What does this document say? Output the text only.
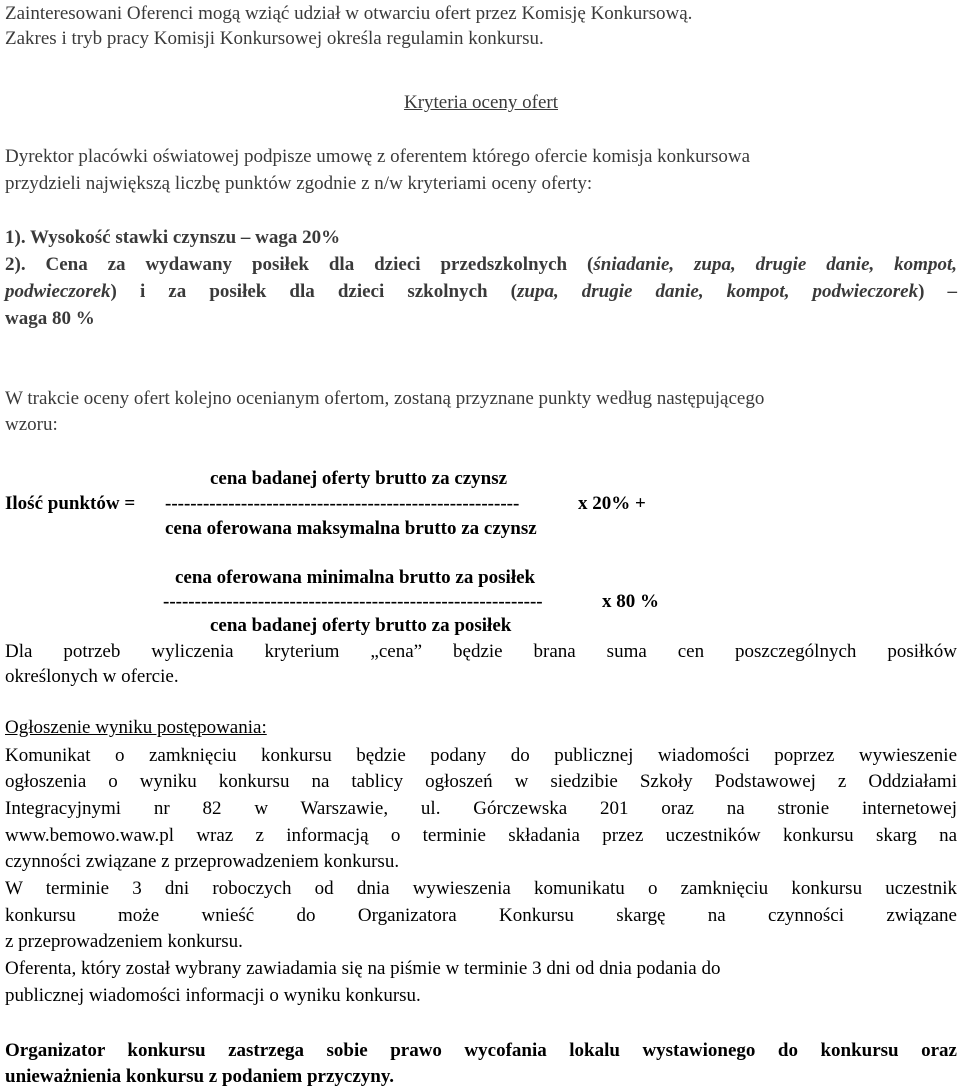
Zainteresowani Oferenci mogą wziąć udział w otwarciu ofert przez Komisję Konkursową.
Zakres i tryb pracy Komisji Konkursowej określa regulamin konkursu.
Kryteria oceny ofert
Dyrektor placówki oświatowej podpisze umowę z oferentem którego ofercie komisja konkursowa
przydzieli największą liczbę punktów zgodnie z n/w kryteriami oceny oferty:
1). Wysokość stawki czynszu – waga 20%
2). Cena za wydawany posiłek dla dzieci przedszkolnych (śniadanie, zupa, drugie danie, kompot,
podwieczorek) i za posiłek dla dzieci szkolnych (zupa, drugie danie, kompot, podwieczorek) –
waga 80 %
W trakcie oceny ofert kolejno ocenianym ofertom, zostaną przyznane punkty według następującego
wzoru:
cena badanej oferty brutto za czynsz
Ilość punktów = --------------------------------------------------------	x 20% +
cena oferowana maksymalna brutto za czynsz
cena oferowana minimalna brutto za posiłek
------------------------------------------------------------	x 80 %
cena badanej oferty brutto za posiłek
Dla potrzeb wyliczenia kryterium „cena” będzie brana suma cen poszczególnych posiłków
określonych w ofercie.
Ogłoszenie wyniku postępowania:
Komunikat o zamknięciu konkursu będzie podany do publicznej wiadomości poprzez wywieszenie
ogłoszenia o wyniku konkursu na tablicy ogłoszeń w siedzibie Szkoły Podstawowej z Oddziałami
Integracyjnymi nr 82 w Warszawie, ul. Górczewska 201 oraz na stronie internetowej
www.bemowo.waw.pl wraz z informacją o terminie składania przez uczestników konkursu skarg na
czynności związane z przeprowadzeniem konkursu.
W terminie 3 dni roboczych od dnia wywieszenia komunikatu o zamknięciu konkursu uczestnik
konkursu może wnieść do Organizatora Konkursu skargę na czynności związane
z przeprowadzeniem konkursu.
Oferenta, który został wybrany zawiadamia się na piśmie w terminie 3 dni od dnia podania do
publicznej wiadomości informacji o wyniku konkursu.
Organizator konkursu zastrzega sobie prawo wycofania lokalu wystawionego do konkursu oraz
unieważnienia konkursu z podaniem przyczyny.
